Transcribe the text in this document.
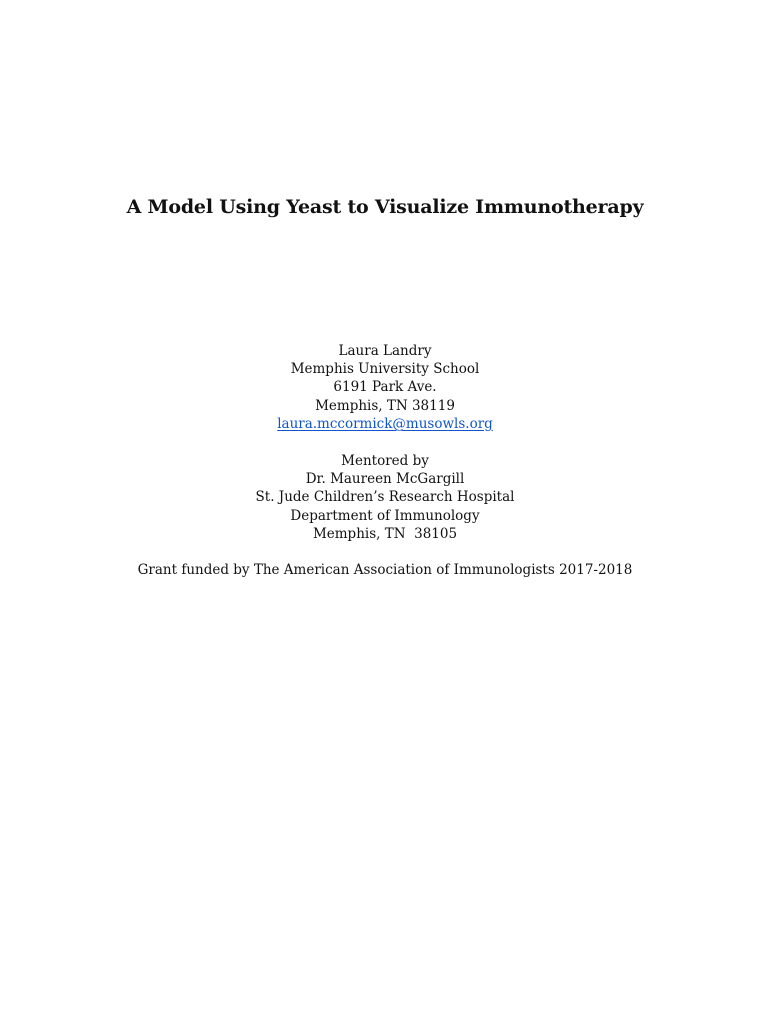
A Model Using Yeast to Visualize Immunotherapy
Laura Landry
Memphis University School
6191 Park Ave.
Memphis, TN 38119
laura.mccormick@musowls.org
Mentored by
Dr. Maureen McGargill
St. Jude Children’s Research Hospital
Department of Immunology
Memphis, TN  38105
Grant funded by The American Association of Immunologists 2017-2018
